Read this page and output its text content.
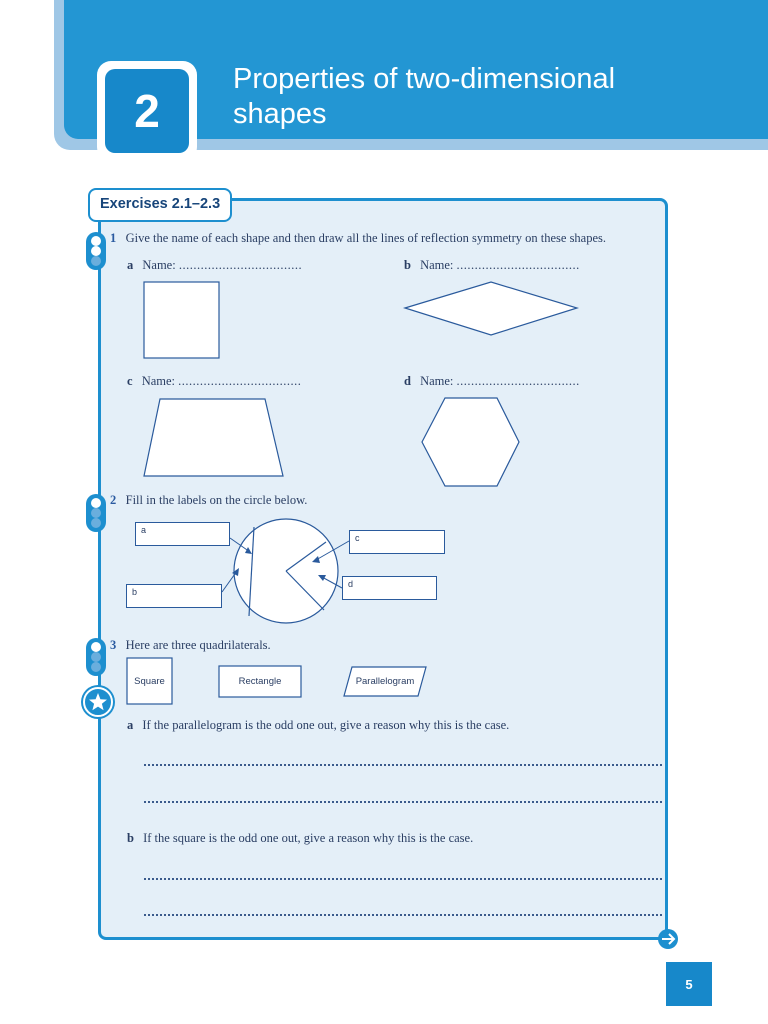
2
Properties of two-dimensional shapes
Exercises 2.1–2.3
1 Give the name of each shape and then draw all the lines of reflection symmetry on these shapes.
a Name: ..................................	b Name: ..................................
c Name: ..................................	d Name: ..................................
2 Fill in the labels on the circle below.
a
b
c
d
3 Here are three quadrilaterals.
Square	Rectangle	Parallelogram
a If the parallelogram is the odd one out, give a reason why this is the case.
b If the square is the odd one out, give a reason why this is the case.
5
